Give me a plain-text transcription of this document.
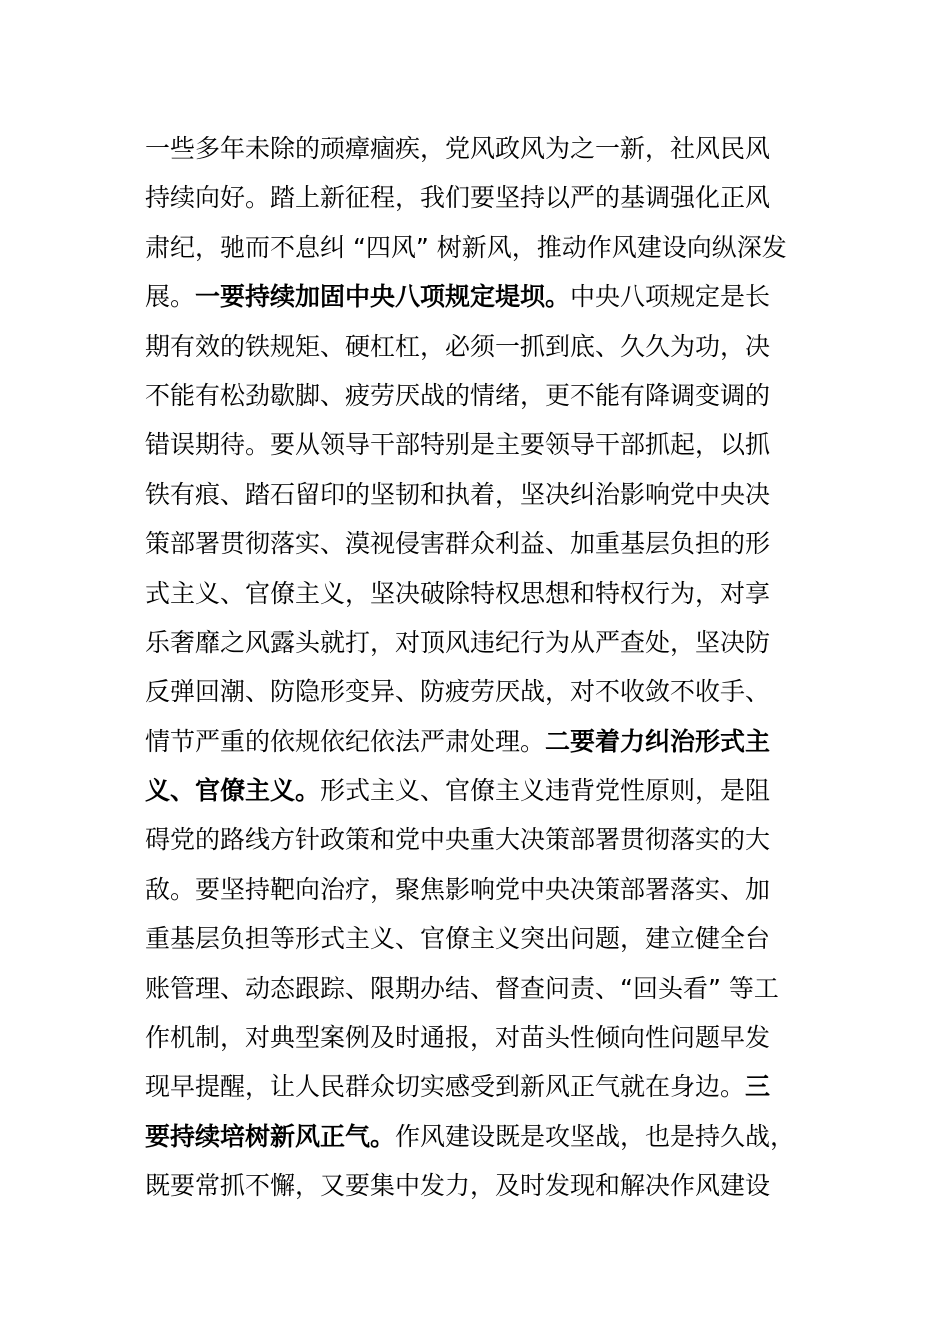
一些多年未除的顽瘴痼疾，党风政风为之一新，社风民风
持续向好。踏上新征程，我们要坚持以严的基调强化正风
肃纪，驰而不息纠 “四风” 树新风，推动作风建设向纵深发
展。一要持续加固中央八项规定堤坝。中央八项规定是长
期有效的铁规矩、硬杠杠，必须一抓到底、久久为功，决
不能有松劲歇脚、疲劳厌战的情绪，更不能有降调变调的
错误期待。要从领导干部特别是主要领导干部抓起，以抓
铁有痕、踏石留印的坚韧和执着，坚决纠治影响党中央决
策部署贯彻落实、漠视侵害群众利益、加重基层负担的形
式主义、官僚主义，坚决破除特权思想和特权行为，对享
乐奢靡之风露头就打，对顶风违纪行为从严查处，坚决防
反弹回潮、防隐形变异、防疲劳厌战，对不收敛不收手、
情节严重的依规依纪依法严肃处理。二要着力纠治形式主
义、官僚主义。形式主义、官僚主义违背党性原则，是阻
碍党的路线方针政策和党中央重大决策部署贯彻落实的大
敌。要坚持靶向治疗，聚焦影响党中央决策部署落实、加
重基层负担等形式主义、官僚主义突出问题，建立健全台
账管理、动态跟踪、限期办结、督查问责、“回头看” 等工
作机制，对典型案例及时通报，对苗头性倾向性问题早发
现早提醒，让人民群众切实感受到新风正气就在身边。三
要持续培树新风正气。作风建设既是攻坚战，也是持久战，
既要常抓不懈，又要集中发力，及时发现和解决作风建设
